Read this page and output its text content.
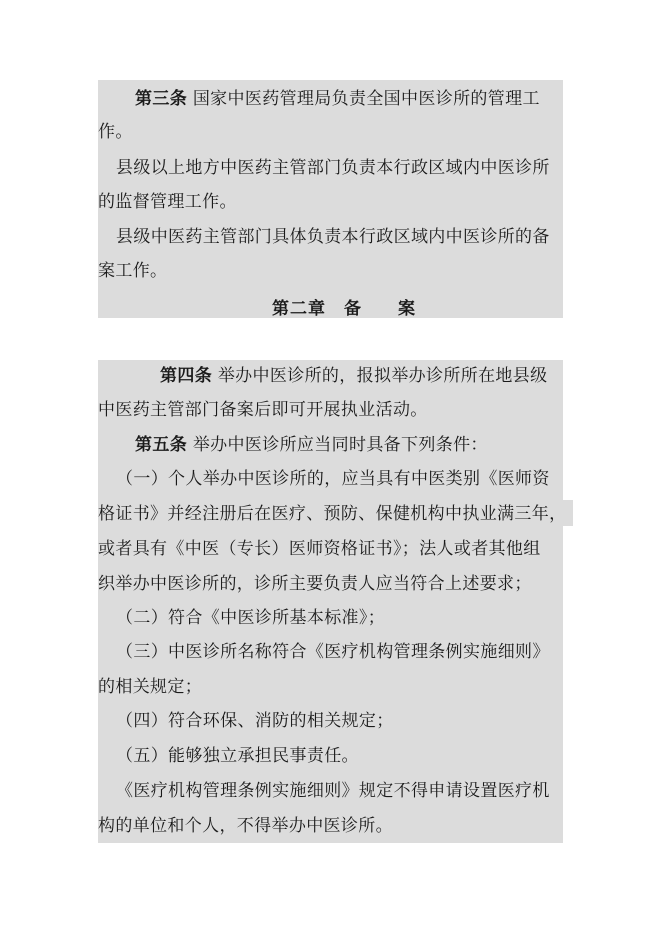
第三条 国家中医药管理局负责全国中医诊所的管理工
作。
县级以上地方中医药主管部门负责本行政区域内中医诊所
的监督管理工作。
县级中医药主管部门具体负责本行政区域内中医诊所的备
案工作。
第二章　备　　案
第四条 举办中医诊所的，报拟举办诊所所在地县级
中医药主管部门备案后即可开展执业活动。
第五条 举办中医诊所应当同时具备下列条件：
（一）个人举办中医诊所的，应当具有中医类别《医师资
格证书》并经注册后在医疗、预防、保健机构中执业满三年，
或者具有《中医（专长）医师资格证书》；法人或者其他组
织举办中医诊所的，诊所主要负责人应当符合上述要求；
（二）符合《中医诊所基本标准》；
（三）中医诊所名称符合《医疗机构管理条例实施细则》
的相关规定；
（四）符合环保、消防的相关规定；
（五）能够独立承担民事责任。
《医疗机构管理条例实施细则》规定不得申请设置医疗机
构的单位和个人，不得举办中医诊所。
